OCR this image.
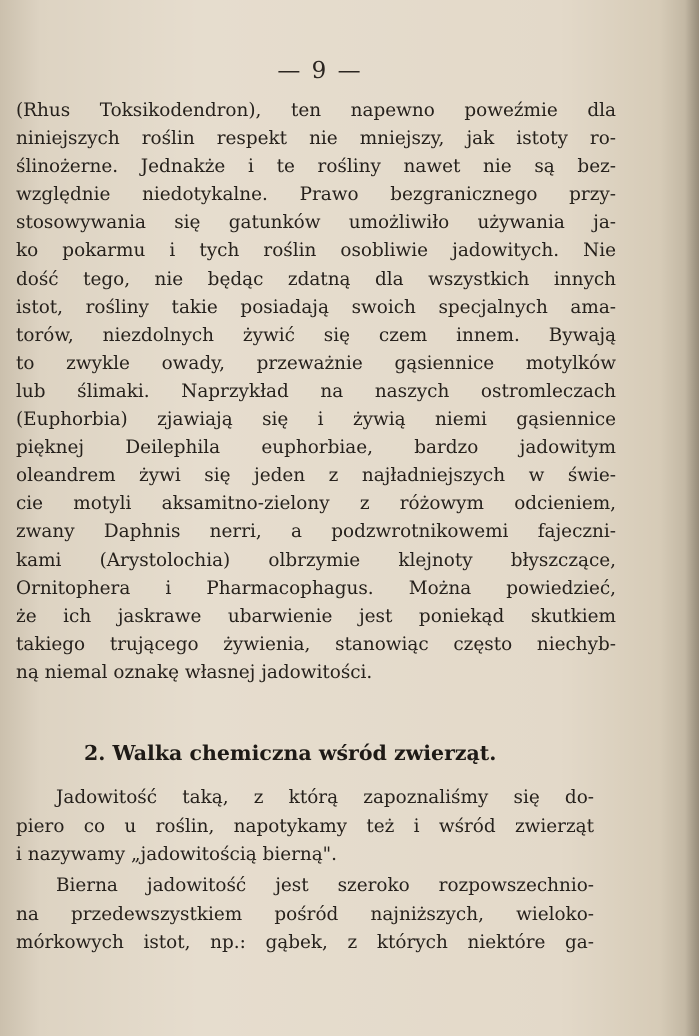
— 9 —
(Rhus Toksikodendron), ten napewno poweźmie dla
niniejszych roślin respekt nie mniejszy, jak istoty ro-
ślinożerne. Jednakże i te rośliny nawet nie są bez-
względnie niedotykalne. Prawo bezgranicznego przy-
stosowywania się gatunków umożliwiło używania ja-
ko pokarmu i tych roślin osobliwie jadowitych. Nie
dość tego, nie będąc zdatną dla wszystkich innych
istot, rośliny takie posiadają swoich specjalnych ama-
torów, niezdolnych żywić się czem innem. Bywają
to zwykle owady, przeważnie gąsiennice motylków
lub ślimaki. Naprzykład na naszych ostromleczach
(Euphorbia) zjawiają się i żywią niemi gąsiennice
pięknej Deilephila euphorbiae, bardzo jadowitym
oleandrem żywi się jeden z najładniejszych w świe-
cie motyli aksamitno-zielony z różowym odcieniem,
zwany Daphnis nerri, a podzwrotnikowemi fajeczni-
kami (Arystolochia) olbrzymie klejnoty błyszczące,
Ornitophera i Pharmacophagus. Można powiedzieć,
że ich jaskrawe ubarwienie jest poniekąd skutkiem
takiego trującego żywienia, stanowiąc często niechyb-
ną niemal oznakę własnej jadowitości.
2. Walka chemiczna wśród zwierząt.
Jadowitość taką, z którą zapoznaliśmy się do-
piero co u roślin, napotykamy też i wśród zwierząt
i nazywamy „jadowitością bierną".
Bierna jadowitość jest szeroko rozpowszechnio-
na przedewszystkiem pośród najniższych, wieloko-
mórkowych istot, np.: gąbek, z których niektóre ga-
